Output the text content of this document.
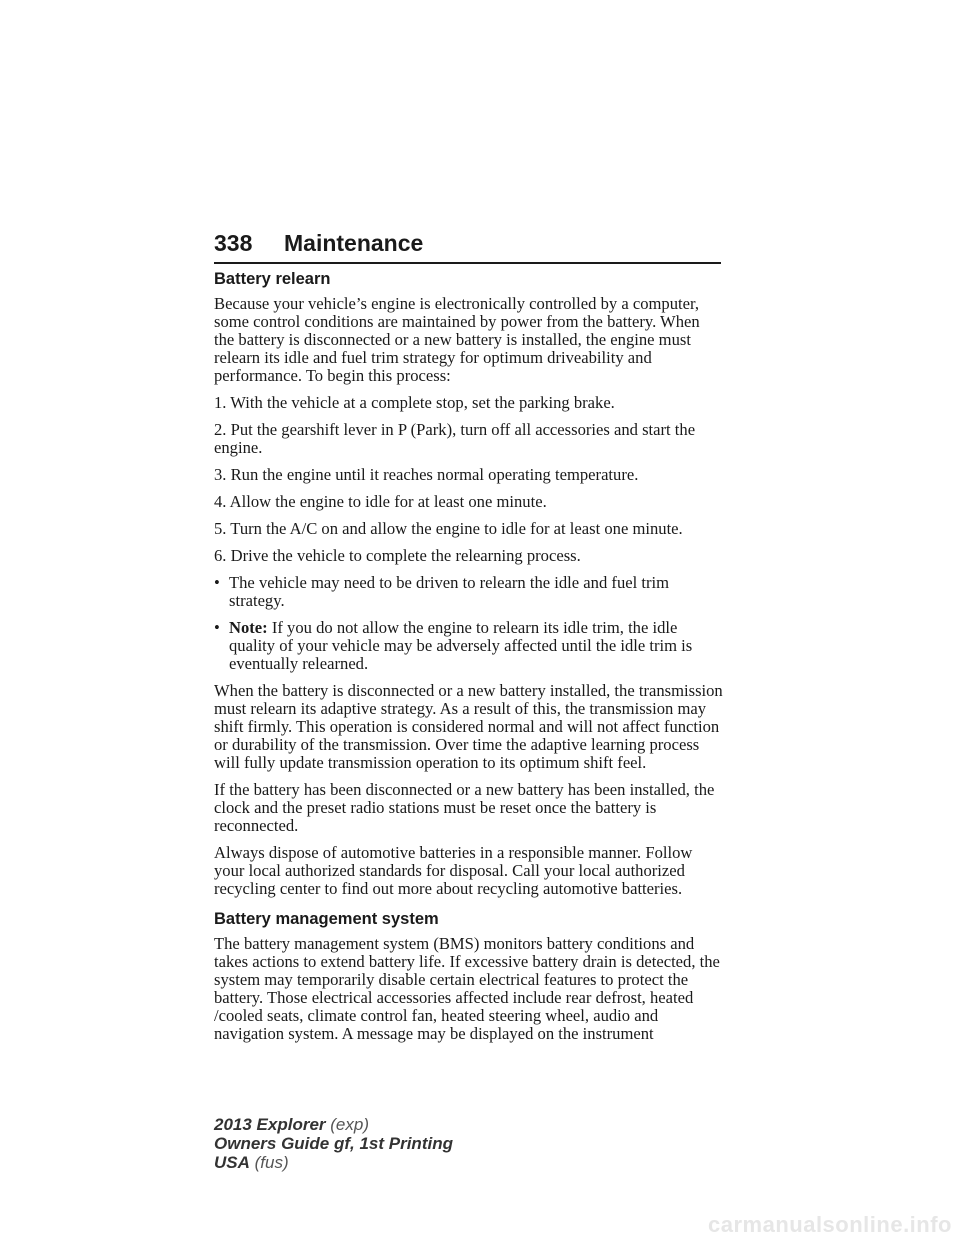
338 Maintenance
Battery relearn

Because your vehicle’s engine is electronically controlled by a computer, some control conditions are maintained by power from the battery. When the battery is disconnected or a new battery is installed, the engine must relearn its idle and fuel trim strategy for optimum driveability and performance. To begin this process:

1. With the vehicle at a complete stop, set the parking brake.

2. Put the gearshift lever in P (Park), turn off all accessories and start the engine.

3. Run the engine until it reaches normal operating temperature.

4. Allow the engine to idle for at least one minute.

5. Turn the A/C on and allow the engine to idle for at least one minute.

6. Drive the vehicle to complete the relearning process.

• The vehicle may need to be driven to relearn the idle and fuel trim strategy.
• Note: If you do not allow the engine to relearn its idle trim, the idle quality of your vehicle may be adversely affected until the idle trim is eventually relearned.

When the battery is disconnected or a new battery installed, the transmission must relearn its adaptive strategy. As a result of this, the transmission may shift firmly. This operation is considered normal and will not affect function or durability of the transmission. Over time the adaptive learning process will fully update transmission operation to its optimum shift feel.

If the battery has been disconnected or a new battery has been installed, the clock and the preset radio stations must be reset once the battery is reconnected.

Always dispose of automotive batteries in a responsible manner. Follow your local authorized standards for disposal. Call your local authorized recycling center to find out more about recycling automotive batteries.

Battery management system

The battery management system (BMS) monitors battery conditions and takes actions to extend battery life. If excessive battery drain is detected, the system may temporarily disable certain electrical features to protect the battery. Those electrical accessories affected include rear defrost, heated /cooled seats, climate control fan, heated steering wheel, audio and navigation system. A message may be displayed on the instrument

2013 Explorer (exp)
Owners Guide gf, 1st Printing
USA (fus)
carmanualsonline.info
